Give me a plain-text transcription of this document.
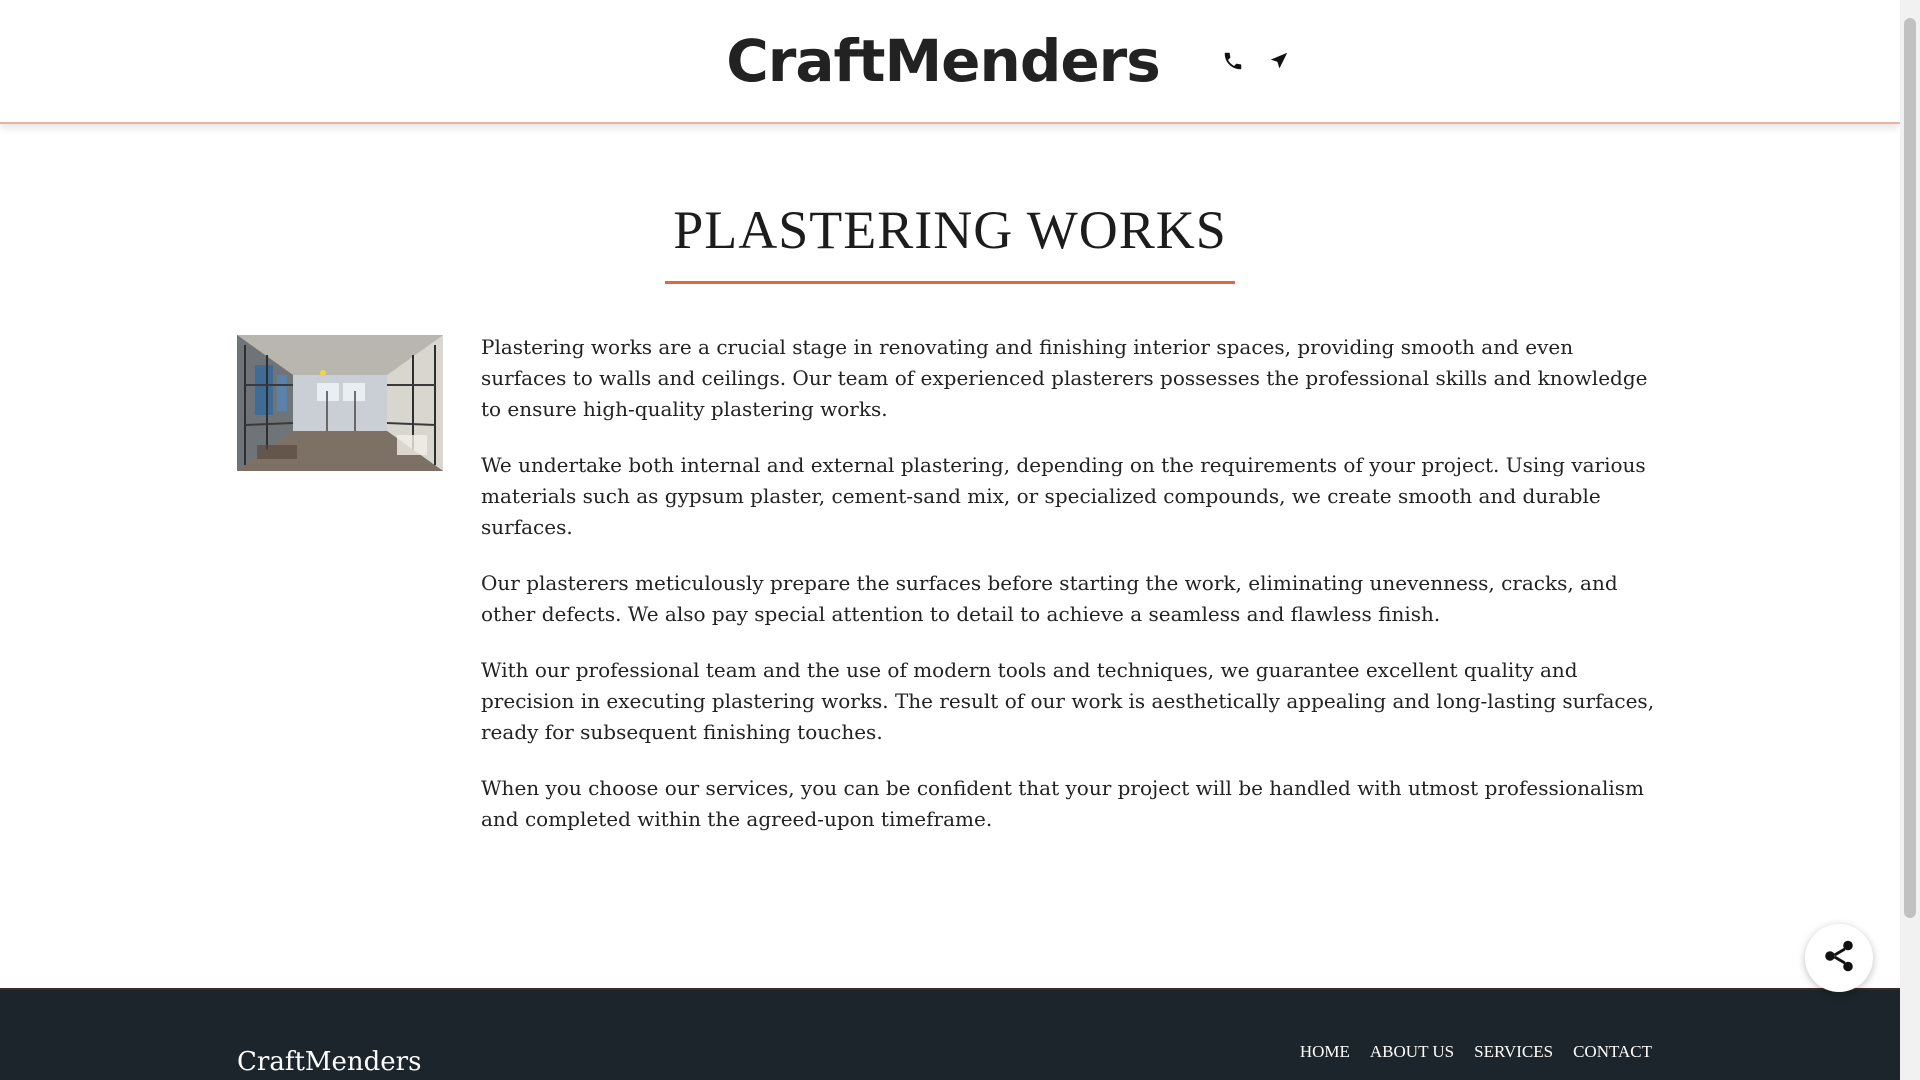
CraftMenders
PLASTERING WORKS

Plastering works are a crucial stage in renovating and finishing interior spaces, providing smooth and even surfaces to walls and ceilings. Our team of experienced plasterers possesses the professional skills and knowledge to ensure high-quality plastering works.

We undertake both internal and external plastering, depending on the requirements of your project. Using various materials such as gypsum plaster, cement-sand mix, or specialized compounds, we create smooth and durable surfaces.

Our plasterers meticulously prepare the surfaces before starting the work, eliminating unevenness, cracks, and other defects. We also pay special attention to detail to achieve a seamless and flawless finish.

With our professional team and the use of modern tools and techniques, we guarantee excellent quality and precision in executing plastering works. The result of our work is aesthetically appealing and long-lasting surfaces, ready for subsequent finishing touches.

When you choose our services, you can be confident that your project will be handled with utmost professionalism and completed within the agreed-upon timeframe.

CraftMenders	HOME ABOUT US SERVICES CONTACT
